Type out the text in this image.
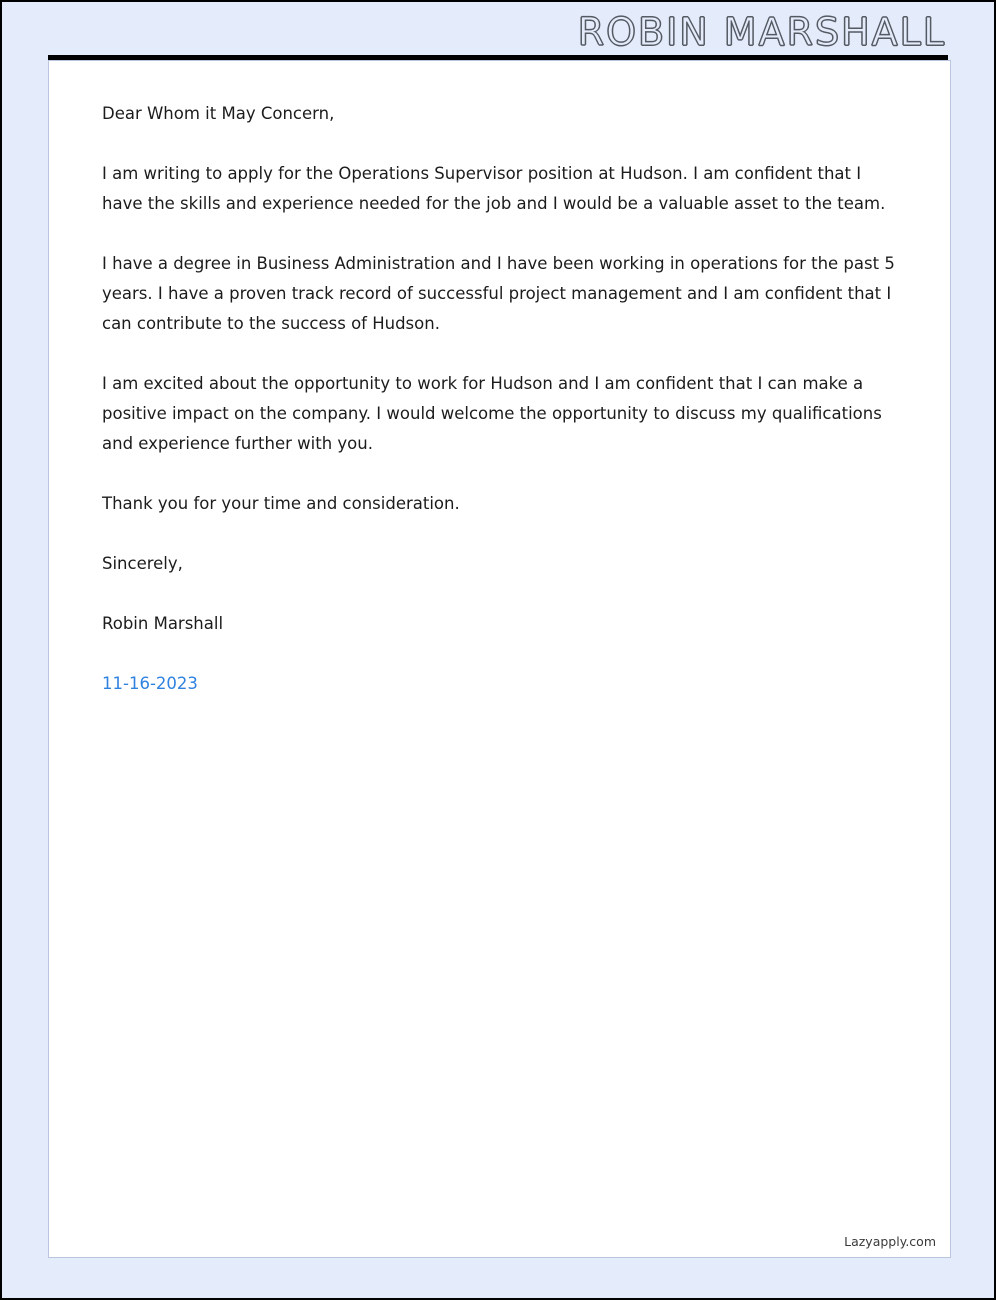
ROBIN MARSHALL

Dear Whom it May Concern,

I am writing to apply for the Operations Supervisor position at Hudson. I am confident that I have the skills and experience needed for the job and I would be a valuable asset to the team.

I have a degree in Business Administration and I have been working in operations for the past 5 years. I have a proven track record of successful project management and I am confident that I can contribute to the success of Hudson.

I am excited about the opportunity to work for Hudson and I am confident that I can make a positive impact on the company. I would welcome the opportunity to discuss my qualifications and experience further with you.

Thank you for your time and consideration.

Sincerely,

Robin Marshall

11-16-2023

Lazyapply.com
